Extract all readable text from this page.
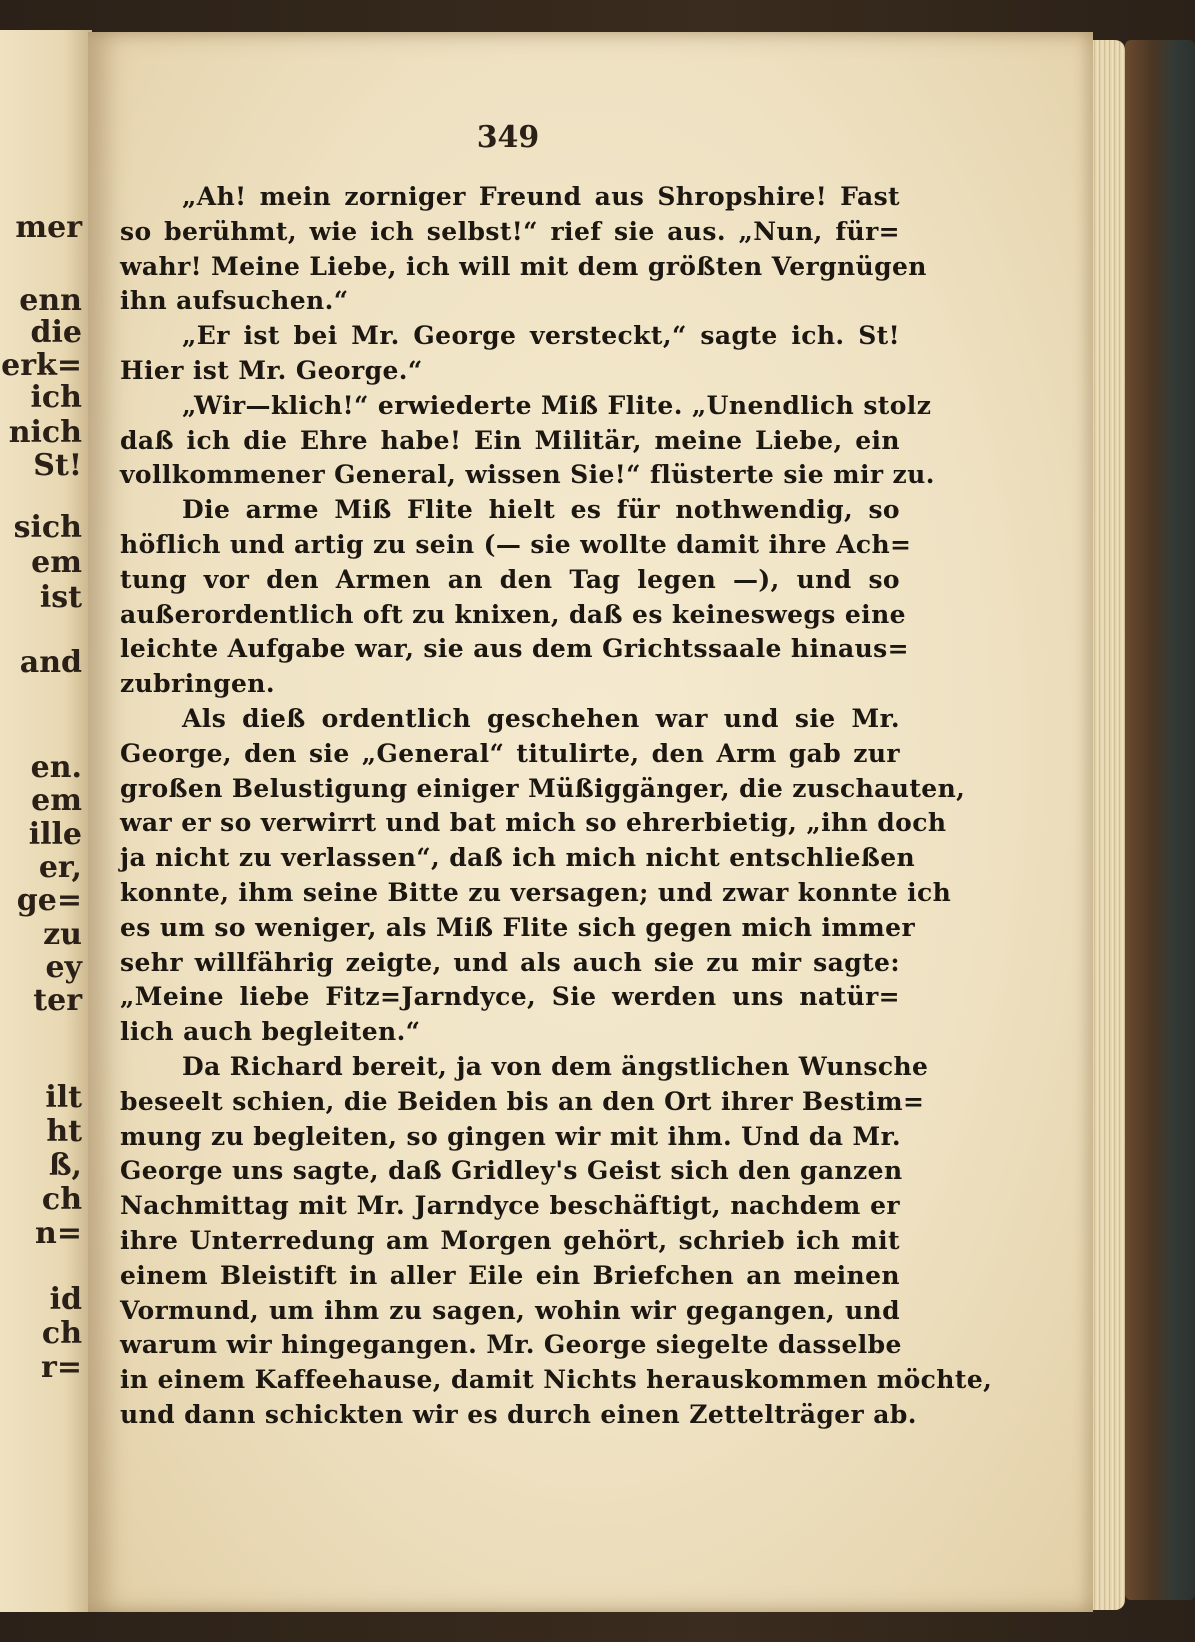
mer
enn
die
erk=
ich
nich
St!
sich
em
ist
and
en.
em
ille
er,
ge=
zu
ey
ter
ilt
ht
ß,
ch
n=
id
ch
r=
349
„Ah! mein zorniger Freund aus Shropshire! Fast
so berühmt, wie ich selbst!“ rief sie aus. „Nun, für=
wahr! Meine Liebe, ich will mit dem größten Vergnügen
ihn aufsuchen.“
„Er ist bei Mr. George versteckt,“ sagte ich. St!
Hier ist Mr. George.“
„Wir—klich!“ erwiederte Miß Flite. „Unendlich stolz
daß ich die Ehre habe! Ein Militär, meine Liebe, ein
vollkommener General, wissen Sie!“ flüsterte sie mir zu.
Die arme Miß Flite hielt es für nothwendig, so
höflich und artig zu sein (— sie wollte damit ihre Ach=
tung vor den Armen an den Tag legen —), und so
außerordentlich oft zu knixen, daß es keineswegs eine
leichte Aufgabe war, sie aus dem Grichtssaale hinaus=
zubringen.
Als dieß ordentlich geschehen war und sie Mr.
George, den sie „General“ titulirte, den Arm gab zur
großen Belustigung einiger Müßiggänger, die zuschauten,
war er so verwirrt und bat mich so ehrerbietig, „ihn doch
ja nicht zu verlassen“, daß ich mich nicht entschließen
konnte, ihm seine Bitte zu versagen; und zwar konnte ich
es um so weniger, als Miß Flite sich gegen mich immer
sehr willfährig zeigte, und als auch sie zu mir sagte:
„Meine liebe Fitz=Jarndyce, Sie werden uns natür=
lich auch begleiten.“
Da Richard bereit, ja von dem ängstlichen Wunsche
beseelt schien, die Beiden bis an den Ort ihrer Bestim=
mung zu begleiten, so gingen wir mit ihm. Und da Mr.
George uns sagte, daß Gridley's Geist sich den ganzen
Nachmittag mit Mr. Jarndyce beschäftigt, nachdem er
ihre Unterredung am Morgen gehört, schrieb ich mit
einem Bleistift in aller Eile ein Briefchen an meinen
Vormund, um ihm zu sagen, wohin wir gegangen, und
warum wir hingegangen. Mr. George siegelte dasselbe
in einem Kaffeehause, damit Nichts herauskommen möchte,
und dann schickten wir es durch einen Zettelträger ab.
